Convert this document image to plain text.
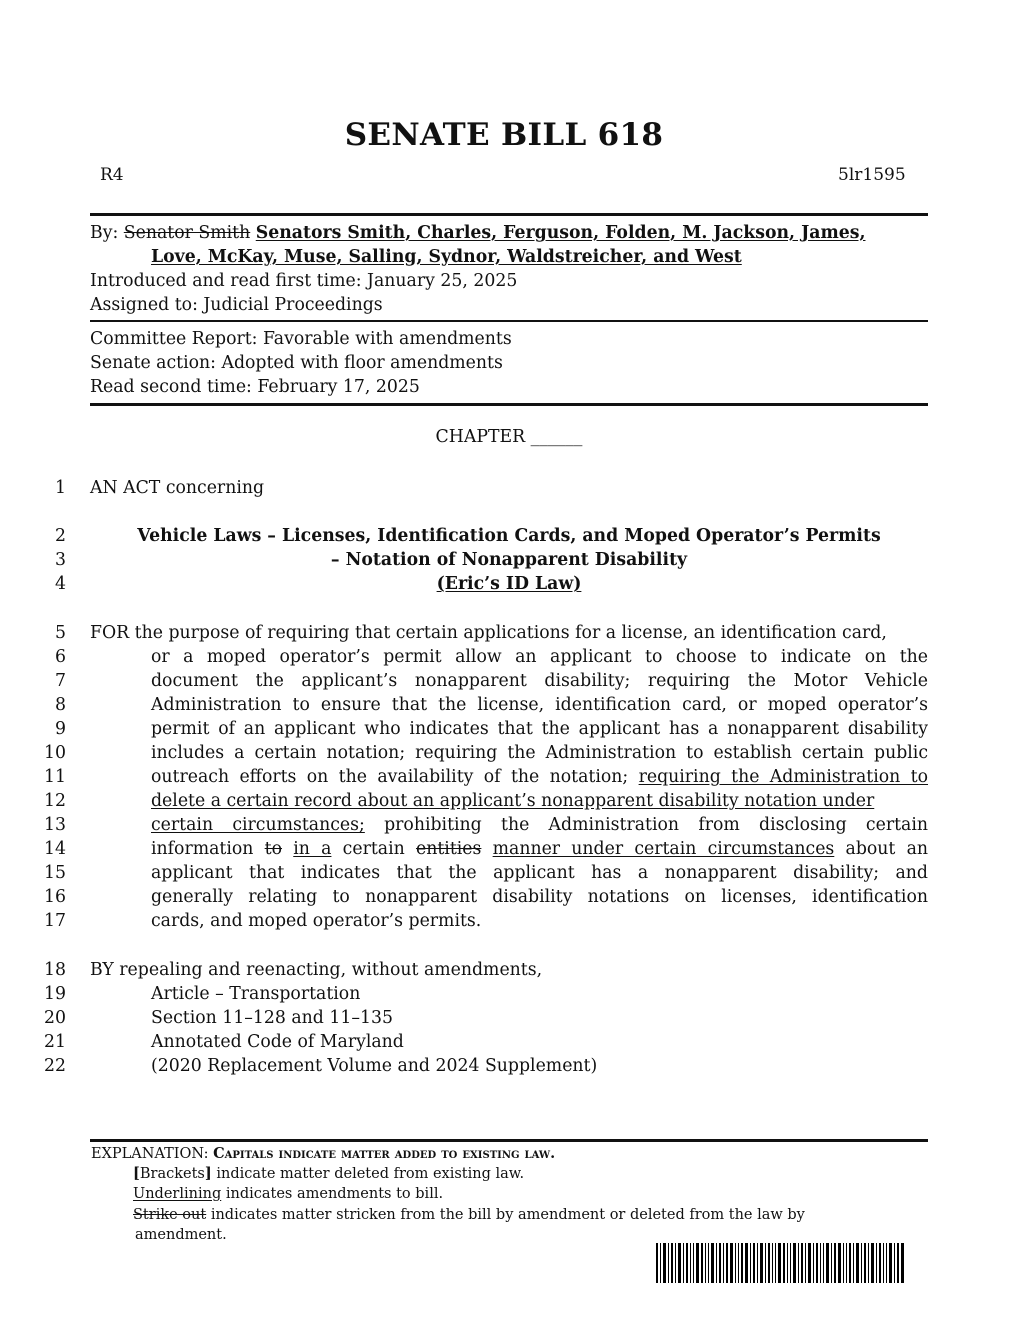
SENATE BILL 618
R4	5lr1595
By: Senator Smith Senators Smith, Charles, Ferguson, Folden, M. Jackson, James,
Love, McKay, Muse, Salling, Sydnor, Waldstreicher, and West
Introduced and read first time: January 25, 2025
Assigned to: Judicial Proceedings
Committee Report: Favorable with amendments
Senate action: Adopted with floor amendments
Read second time: February 17, 2025
CHAPTER ______
1
2
3
4
5
6
7
8
9
10
11
12
13
14
15
16
17
18
19
20
21
22
AN ACT concerning
Vehicle Laws – Licenses, Identification Cards, and Moped Operator’s Permits
– Notation of Nonapparent Disability
(Eric’s ID Law)
FOR the purpose of requiring that certain applications for a license, an identification card,
or a moped operator’s permit allow an applicant to choose to indicate on the
document the applicant’s nonapparent disability; requiring the Motor Vehicle
Administration to ensure that the license, identification card, or moped operator’s
permit of an applicant who indicates that the applicant has a nonapparent disability
includes a certain notation; requiring the Administration to establish certain public
outreach efforts on the availability of the notation; requiring the Administration to
delete a certain record about an applicant’s nonapparent disability notation under
certain circumstances; prohibiting the Administration from disclosing certain
information to in a certain entities manner under certain circumstances about an
applicant that indicates that the applicant has a nonapparent disability; and
generally relating to nonapparent disability notations on licenses, identification
cards, and moped operator’s permits.
BY repealing and reenacting, without amendments,
Article – Transportation
Section 11–128 and 11–135
Annotated Code of Maryland
(2020 Replacement Volume and 2024 Supplement)
EXPLANATION: Capitals indicate matter added to existing law.
[Brackets] indicate matter deleted from existing law.
Underlining indicates amendments to bill.
Strike out indicates matter stricken from the bill by amendment or deleted from the law by
amendment.
